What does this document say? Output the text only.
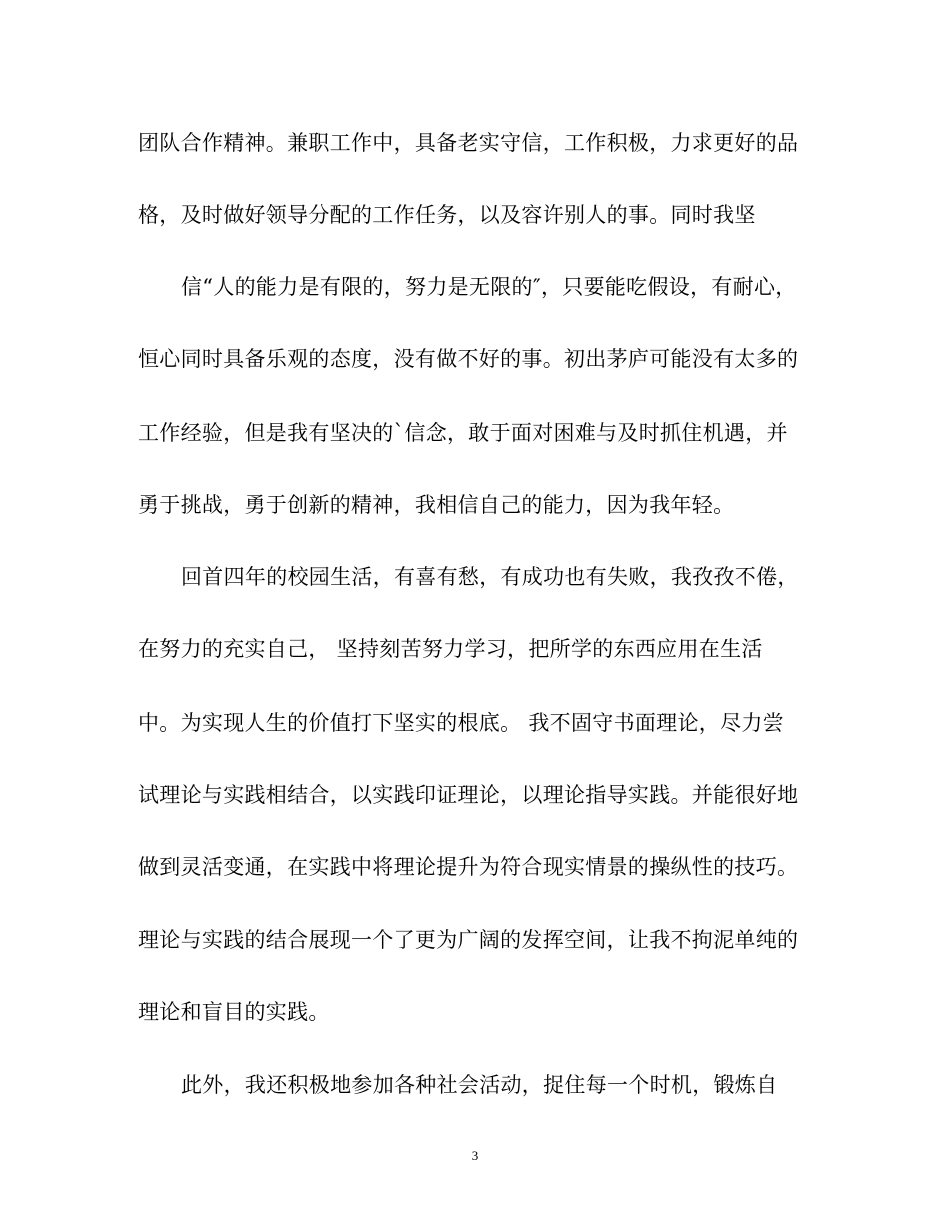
团队合作精神。兼职工作中，具备老实守信，工作积极，力求更好的品
格，及时做好领导分配的工作任务，以及容许别人的事。同时我坚
信“人的能力是有限的，努力是无限的″，只要能吃假设，有耐心，
恒心同时具备乐观的态度，没有做不好的事。初出茅庐可能没有太多的
工作经验，但是我有坚决的`信念，敢于面对困难与及时抓住机遇，并
勇于挑战，勇于创新的精神，我相信自己的能力，因为我年轻。
回首四年的校园生活，有喜有愁，有成功也有失败，我孜孜不倦，
在努力的充实自己， 坚持刻苦努力学习，把所学的东西应用在生活
中。为实现人生的价值打下坚实的根底。 我不固守书面理论，尽力尝
试理论与实践相结合，以实践印证理论，以理论指导实践。并能很好地
做到灵活变通，在实践中将理论提升为符合现实情景的操纵性的技巧。
理论与实践的结合展现一个了更为广阔的发挥空间，让我不拘泥单纯的
理论和盲目的实践。
此外，我还积极地参加各种社会活动，捉住每一个时机，锻炼自
3
